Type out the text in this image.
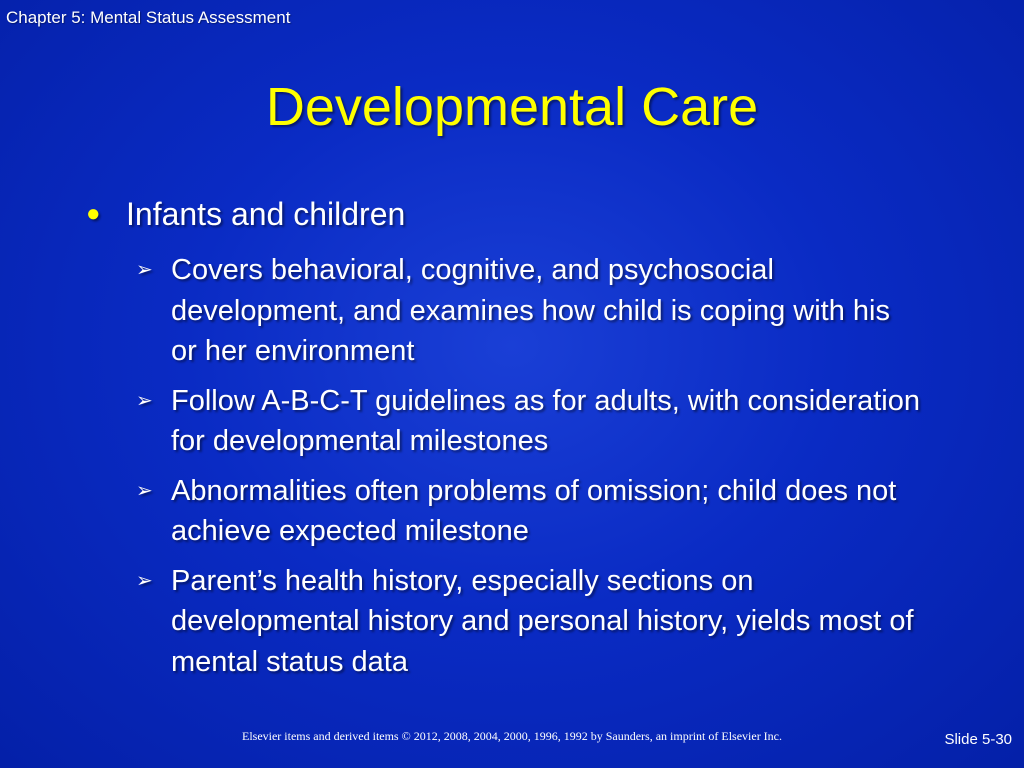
Chapter 5: Mental Status Assessment
Developmental Care
● Infants and children
➢ Covers behavioral, cognitive, and psychosocial development, and examines how child is coping with his or her environment
➢ Follow A-B-C-T guidelines as for adults, with consideration for developmental milestones
➢ Abnormalities often problems of omission; child does not achieve expected milestone
➢ Parent’s health history, especially sections on developmental history and personal history, yields most of mental status data
Elsevier items and derived items © 2012, 2008, 2004, 2000, 1996, 1992 by Saunders, an imprint of Elsevier Inc.	Slide 5-30
